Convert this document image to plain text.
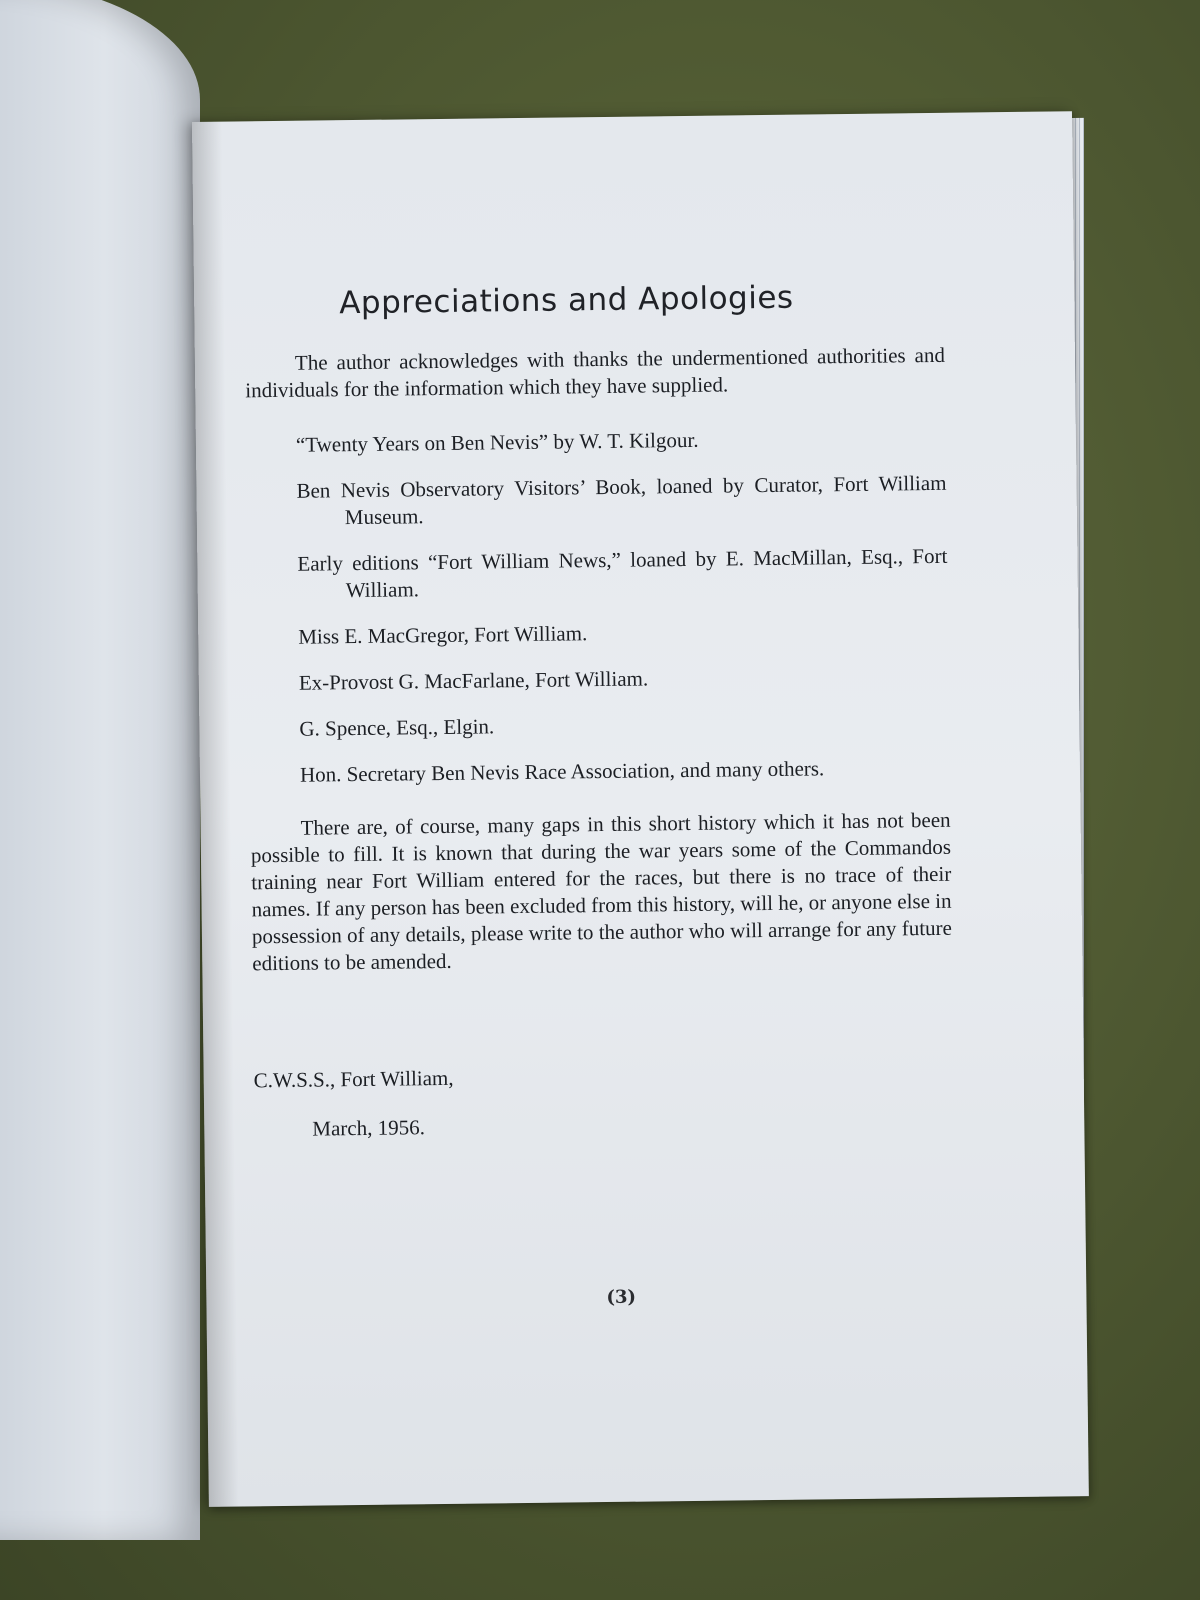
Appreciations and Apologies

The author acknowledges with thanks the undermentioned authorities and individuals for the information which they have supplied.

“Twenty Years on Ben Nevis” by W. T. Kilgour.
Ben Nevis Observatory Visitors’ Book, loaned by Curator, Fort William Museum.
Early editions “Fort William News,” loaned by E. MacMillan, Esq., Fort William.
Miss E. MacGregor, Fort William.
Ex-Provost G. MacFarlane, Fort William.
G. Spence, Esq., Elgin.
Hon. Secretary Ben Nevis Race Association, and many others.

There are, of course, many gaps in this short history which it has not been possible to fill. It is known that during the war years some of the Commandos training near Fort William entered for the races, but there is no trace of their names. If any person has been excluded from this history, will he, or anyone else in possession of any details, please write to the author who will arrange for any future editions to be amended.

C.W.S.S., Fort William,
March, 1956.
(3)
